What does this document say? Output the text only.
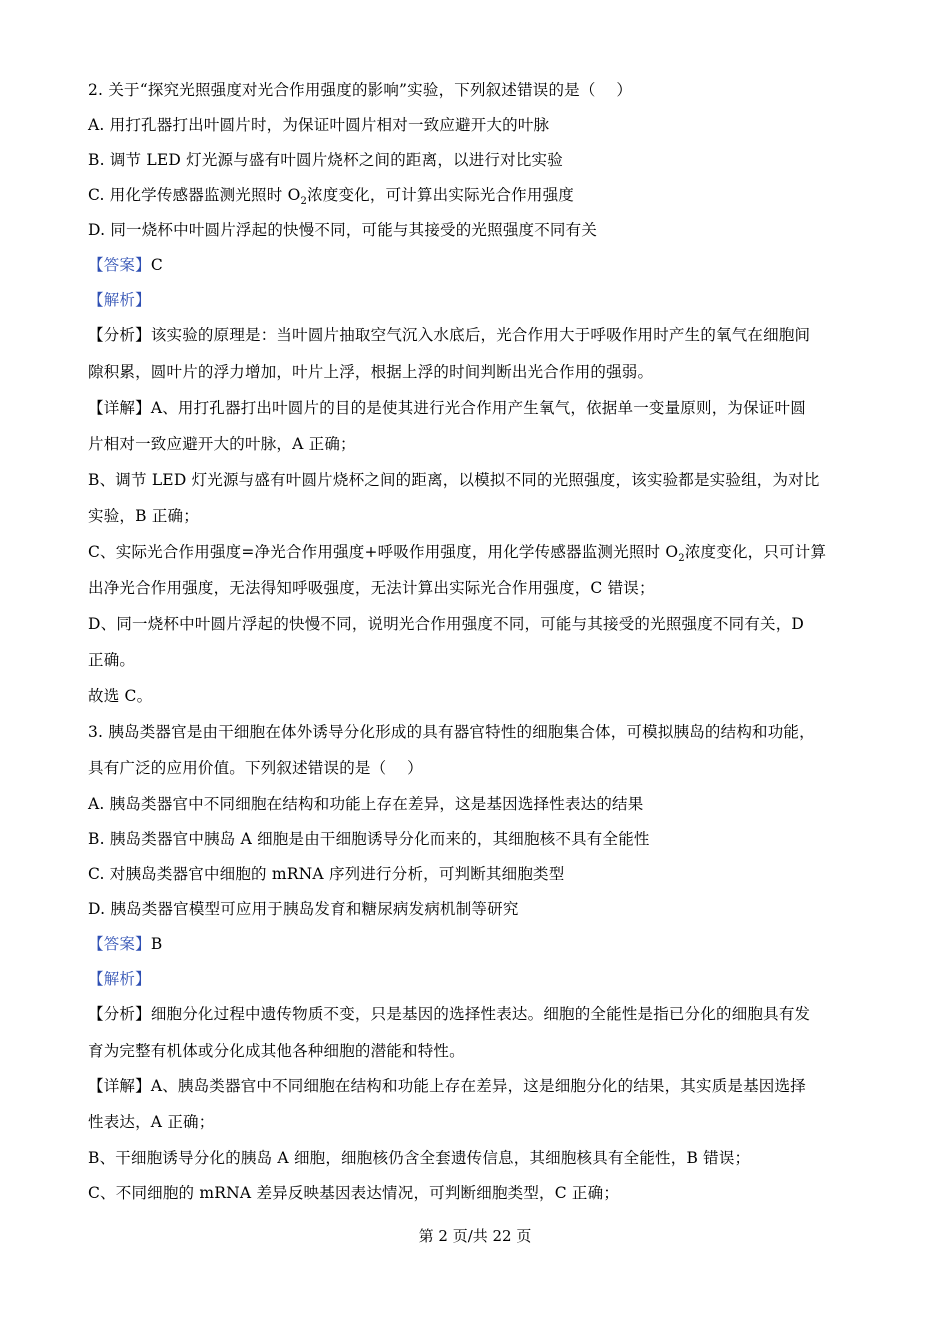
2. 关于“探究光照强度对光合作用强度的影响”实验，下列叙述错误的是（　 ）
A. 用打孔器打出叶圆片时，为保证叶圆片相对一致应避开大的叶脉
B. 调节 LED 灯光源与盛有叶圆片烧杯之间的距离，以进行对比实验
C. 用化学传感器监测光照时 $O_2$浓度变化，可计算出实际光合作用强度
D. 同一烧杯中叶圆片浮起的快慢不同，可能与其接受的光照强度不同有关
【答案】C
【解析】
【分析】该实验的原理是：当叶圆片抽取空气沉入水底后，光合作用大于呼吸作用时产生的氧气在细胞间
隙积累，圆叶片的浮力增加，叶片上浮，根据上浮的时间判断出光合作用的强弱。
【详解】A、用打孔器打出叶圆片的目的是使其进行光合作用产生氧气，依据单一变量原则，为保证叶圆
片相对一致应避开大的叶脉，A 正确；
B、调节 LED 灯光源与盛有叶圆片烧杯之间的距离，以模拟不同的光照强度，该实验都是实验组，为对比
实验，B 正确；
C、实际光合作用强度=净光合作用强度+呼吸作用强度，用化学传感器监测光照时 $O_2$浓度变化，只可计算
出净光合作用强度，无法得知呼吸强度，无法计算出实际光合作用强度，C 错误；
D、同一烧杯中叶圆片浮起的快慢不同，说明光合作用强度不同，可能与其接受的光照强度不同有关，D
正确。
故选 C。
3. 胰岛类器官是由干细胞在体外诱导分化形成的具有器官特性的细胞集合体，可模拟胰岛的结构和功能，
具有广泛的应用价值。下列叙述错误的是（　 ）
A. 胰岛类器官中不同细胞在结构和功能上存在差异，这是基因选择性表达的结果
B. 胰岛类器官中胰岛 A 细胞是由干细胞诱导分化而来的，其细胞核不具有全能性
C. 对胰岛类器官中细胞的 mRNA 序列进行分析，可判断其细胞类型
D. 胰岛类器官模型可应用于胰岛发育和糖尿病发病机制等研究
【答案】B
【解析】
【分析】细胞分化过程中遗传物质不变，只是基因的选择性表达。细胞的全能性是指已分化的细胞具有发
育为完整有机体或分化成其他各种细胞的潜能和特性。
【详解】A、胰岛类器官中不同细胞在结构和功能上存在差异，这是细胞分化的结果，其实质是基因选择
性表达，A 正确；
B、干细胞诱导分化的胰岛 A 细胞，细胞核仍含全套遗传信息，其细胞核具有全能性，B 错误；
C、不同细胞的 mRNA 差异反映基因表达情况，可判断细胞类型，C 正确；
第 2 页/共 22 页
